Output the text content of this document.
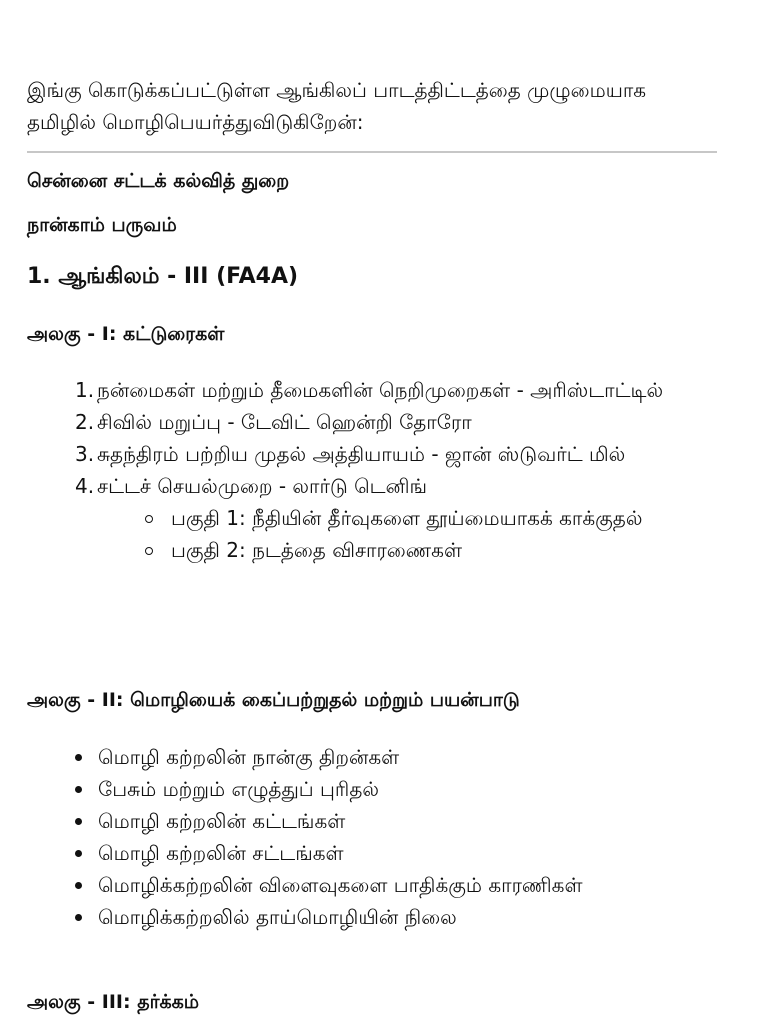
இங்கு கொடுக்கப்பட்டுள்ள ஆங்கிலப் பாடத்திட்டத்தை முழுமையாக தமிழில் மொழிபெயர்த்துவிடுகிறேன்:

சென்னை சட்டக் கல்வித் துறை

நான்காம் பருவம்

1. ஆங்கிலம் - III (FA4A)

அலகு - I: கட்டுரைகள்

1. நன்மைகள் மற்றும் தீமைகளின் நெறிமுறைகள் - அரிஸ்டாட்டில்
2. சிவில் மறுப்பு - டேவிட் ஹென்றி தோரோ
3. சுதந்திரம் பற்றிய முதல் அத்தியாயம் - ஜான் ஸ்டுவர்ட் மில்
4. சட்டச் செயல்முறை - லார்டு டெனிங்
பகுதி 1: நீதியின் தீர்வுகளை தூய்மையாகக் காக்குதல்
பகுதி 2: நடத்தை விசாரணைகள்

அலகு - II: மொழியைக் கைப்பற்றுதல் மற்றும் பயன்பாடு

மொழி கற்றலின் நான்கு திறன்கள்
பேசும் மற்றும் எழுத்துப் புரிதல்
மொழி கற்றலின் கட்டங்கள்
மொழி கற்றலின் சட்டங்கள்
மொழிக்கற்றலின் விளைவுகளை பாதிக்கும் காரணிகள்
மொழிக்கற்றலில் தாய்மொழியின் நிலை

அலகு - III: தர்க்கம்
